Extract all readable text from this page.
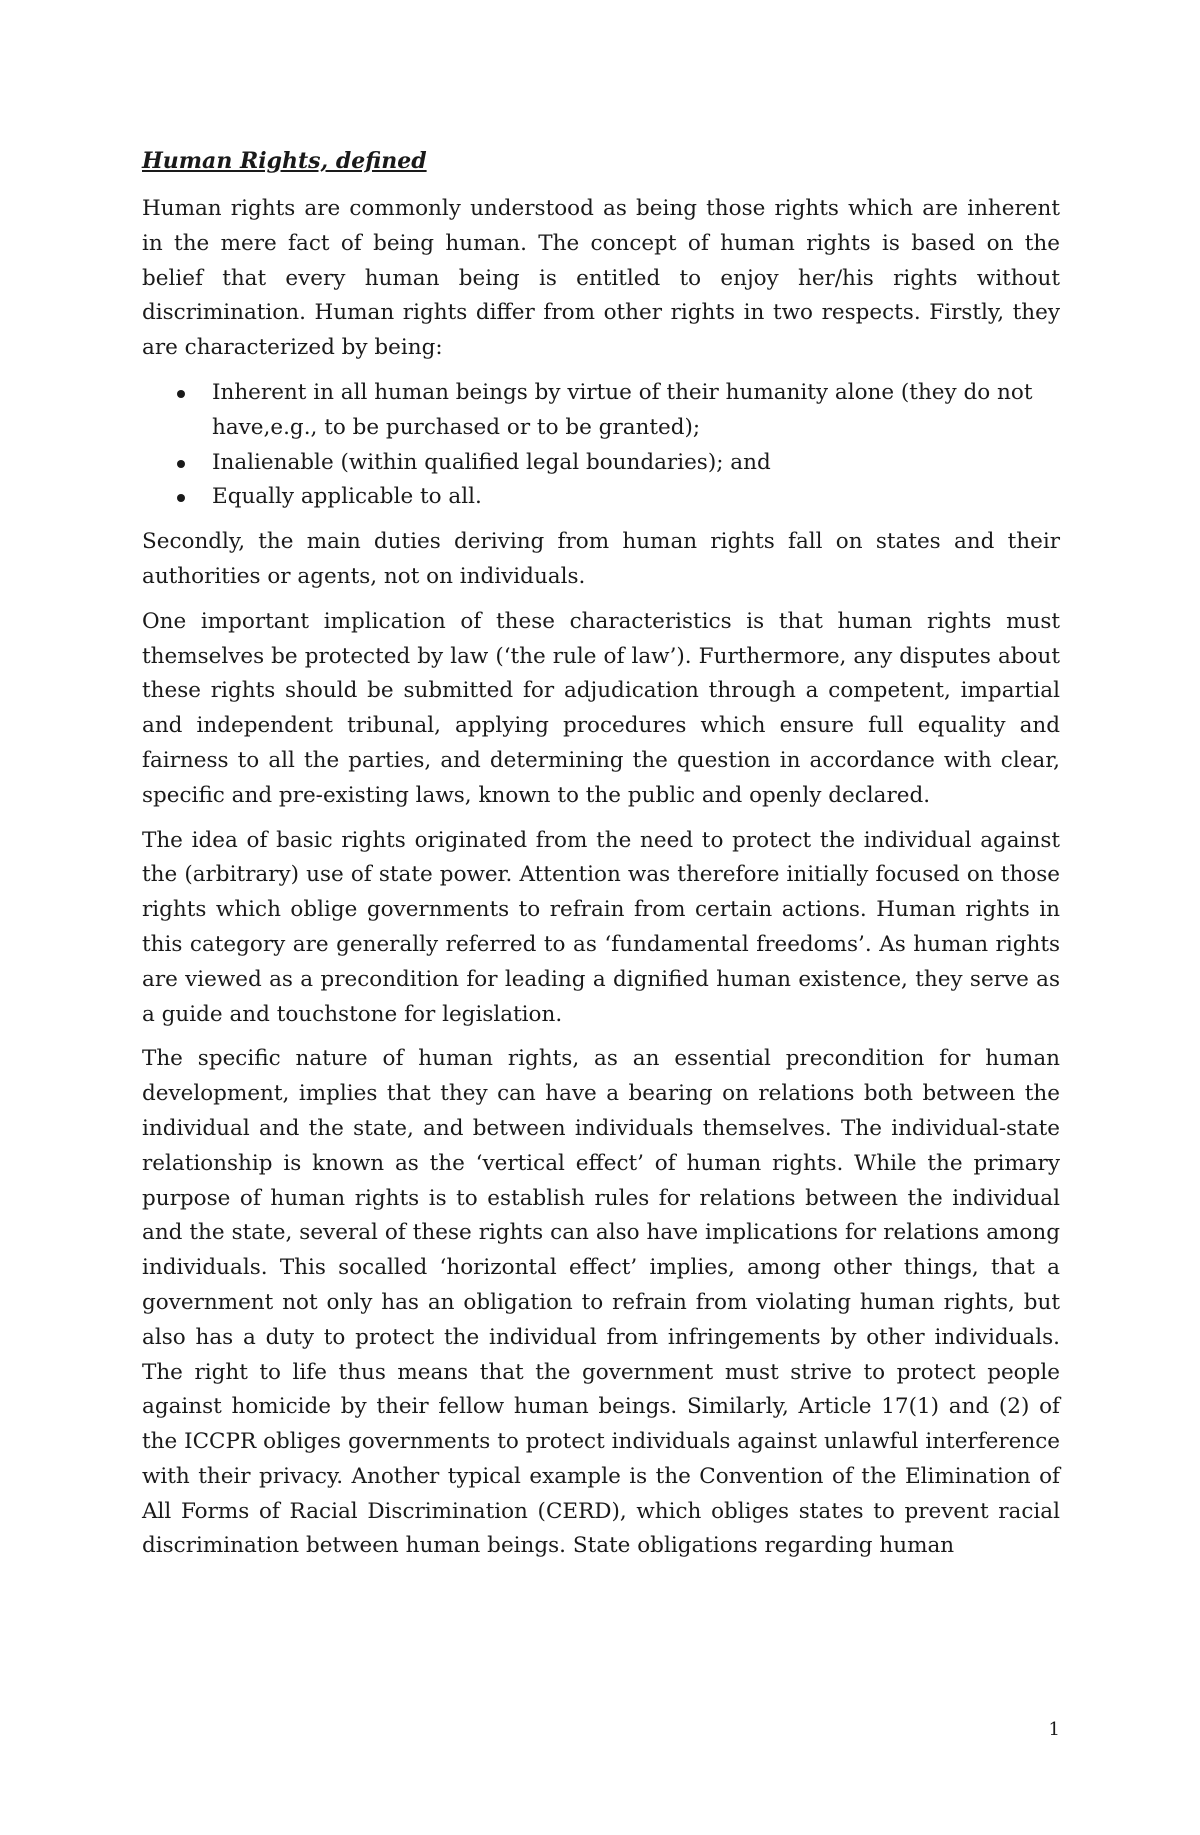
Human Rights, defined

Human rights are commonly understood as being those rights which are inherent in the mere fact of being human. The concept of human rights is based on the belief that every human being is entitled to enjoy her/his rights without discrimination. Human rights differ from other rights in two respects. Firstly, they are characterized by being:

Inherent in all human beings by virtue of their humanity alone (they do not have,e.g., to be purchased or to be granted);
Inalienable (within qualified legal boundaries); and
Equally applicable to all.

Secondly, the main duties deriving from human rights fall on states and their authorities or agents, not on individuals.

One important implication of these characteristics is that human rights must themselves be protected by law (‘the rule of law’). Furthermore, any disputes about these rights should be submitted for adjudication through a competent, impartial and independent tribunal, applying procedures which ensure full equality and fairness to all the parties, and determining the question in accordance with clear, specific and pre-existing laws, known to the public and openly declared.

The idea of basic rights originated from the need to protect the individual against the (arbitrary) use of state power. Attention was therefore initially focused on those rights which oblige governments to refrain from certain actions. Human rights in this category are generally referred to as ‘fundamental freedoms’. As human rights are viewed as a precondition for leading a dignified human existence, they serve as a guide and touchstone for legislation.

The specific nature of human rights, as an essential precondition for human development, implies that they can have a bearing on relations both between the individual and the state, and between individuals themselves. The individual-state relationship is known as the ‘vertical effect’ of human rights. While the primary purpose of human rights is to establish rules for relations between the individual and the state, several of these rights can also have implications for relations among individuals. This socalled ‘horizontal effect’ implies, among other things, that a government not only has an obligation to refrain from violating human rights, but also has a duty to protect the individual from infringements by other individuals. The right to life thus means that the government must strive to protect people against homicide by their fellow human beings. Similarly, Article 17(1) and (2) of the ICCPR obliges governments to protect individuals against unlawful interference with their privacy. Another typical example is the Convention of the Elimination of All Forms of Racial Discrimination (CERD), which obliges states to prevent racial discrimination between human beings. State obligations regarding human

1
